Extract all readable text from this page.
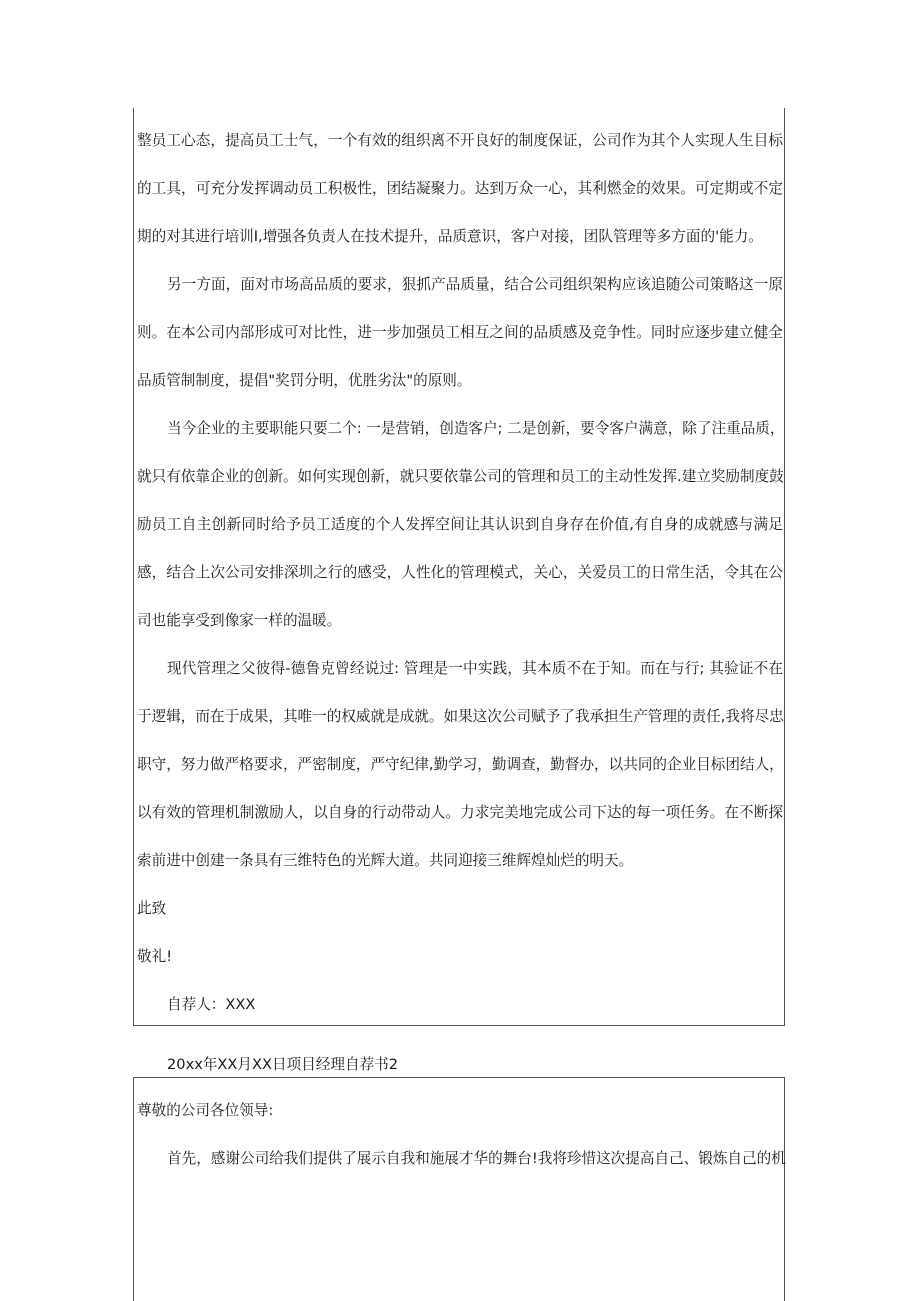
整员工心态，提高员工士气，一个有效的组织离不开良好的制度保证，公司作为其个人实现人生目标
的工具，可充分发挥调动员工积极性，团结凝聚力。达到万众一心，其利燃金的效果。可定期或不定
期的对其进行培训I,增强各负责人在技术提升，品质意识，客户对接，团队管理等多方面的'能力。
另一方面，面对市场高品质的要求，狠抓产品质量，结合公司组织架构应该追随公司策略这一原
则。在本公司内部形成可对比性，进一步加强员工相互之间的品质感及竞争性。同时应逐步建立健全
品质管制制度，提倡"奖罚分明，优胜劣汰"的原则。
当今企业的主要职能只要二个: 一是营销，创造客户; 二是创新，要令客户满意，除了注重品质，
就只有依靠企业的创新。如何实现创新，就只要依靠公司的管理和员工的主动性发挥.建立奖励制度鼓
励员工自主创新同时给予员工适度的个人发挥空间让其认识到自身存在价值,有自身的成就感与满足
感，结合上次公司安排深圳之行的感受，人性化的管理模式，关心，关爱员工的日常生活，令其在公
司也能享受到像家一样的温暖。
现代管理之父彼得-德鲁克曾经说过: 管理是一中实践，其本质不在于知。而在与行; 其验证不在
于逻辑，而在于成果，其唯一的权威就是成就。如果这次公司赋予了我承担生产管理的责任,我将尽忠
职守，努力做严格要求，严密制度，严守纪律,勤学习，勤调查，勤督办，以共同的企业目标团结人，
以有效的管理机制激励人，以自身的行动带动人。力求完美地完成公司下达的每一项任务。在不断探
索前进中创建一条具有三维特色的光辉大道。共同迎接三维辉煌灿烂的明天。
此致
敬礼!
自荐人：XXX
20xx年XX月XX日项目经理自荐书2
尊敬的公司各位领导:
首先，感谢公司给我们提供了展示自我和施展才华的舞台!我将珍惜这次提高自己、锻炼自己的机
